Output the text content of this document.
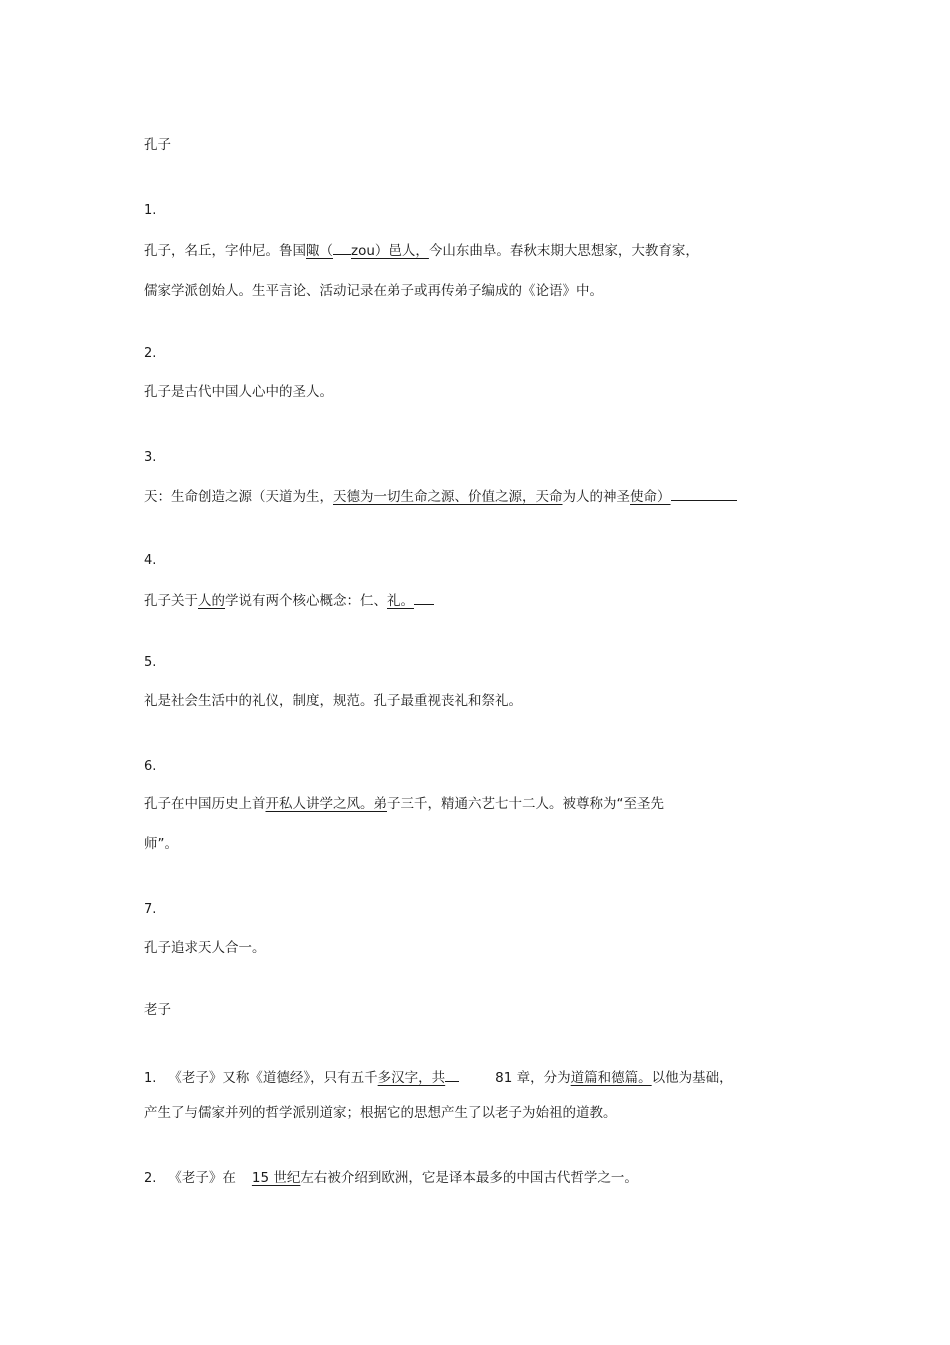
孔子
1.
孔子，名丘，字仲尼。鲁国陬（ zou）邑人，今山东曲阜。春秋末期大思想家，大教育家，
儒家学派创始人。生平言论、活动记录在弟子或再传弟子编成的《论语》中。
2.
孔子是古代中国人心中的圣人。
3.
天：生命创造之源（天道为生，天德为一切生命之源、价值之源，天命为人的神圣使命）
4.
孔子关于人的学说有两个核心概念：仁、礼。
5.
礼是社会生活中的礼仪，制度，规范。孔子最重视丧礼和祭礼。
6.
孔子在中国历史上首开私人讲学之风。弟子三千，精通六艺七十二人。被尊称为“至圣先
师”。
7.
孔子追求天人合一。
老子
1. 《老子》又称《道德经》，只有五千多汉字，共	81 章，分为道篇和德篇。以他为基础，
产生了与儒家并列的哲学派别道家；根据它的思想产生了以老子为始祖的道教。
2. 《老子》在 15 世纪左右被介绍到欧洲，它是译本最多的中国古代哲学之一。
